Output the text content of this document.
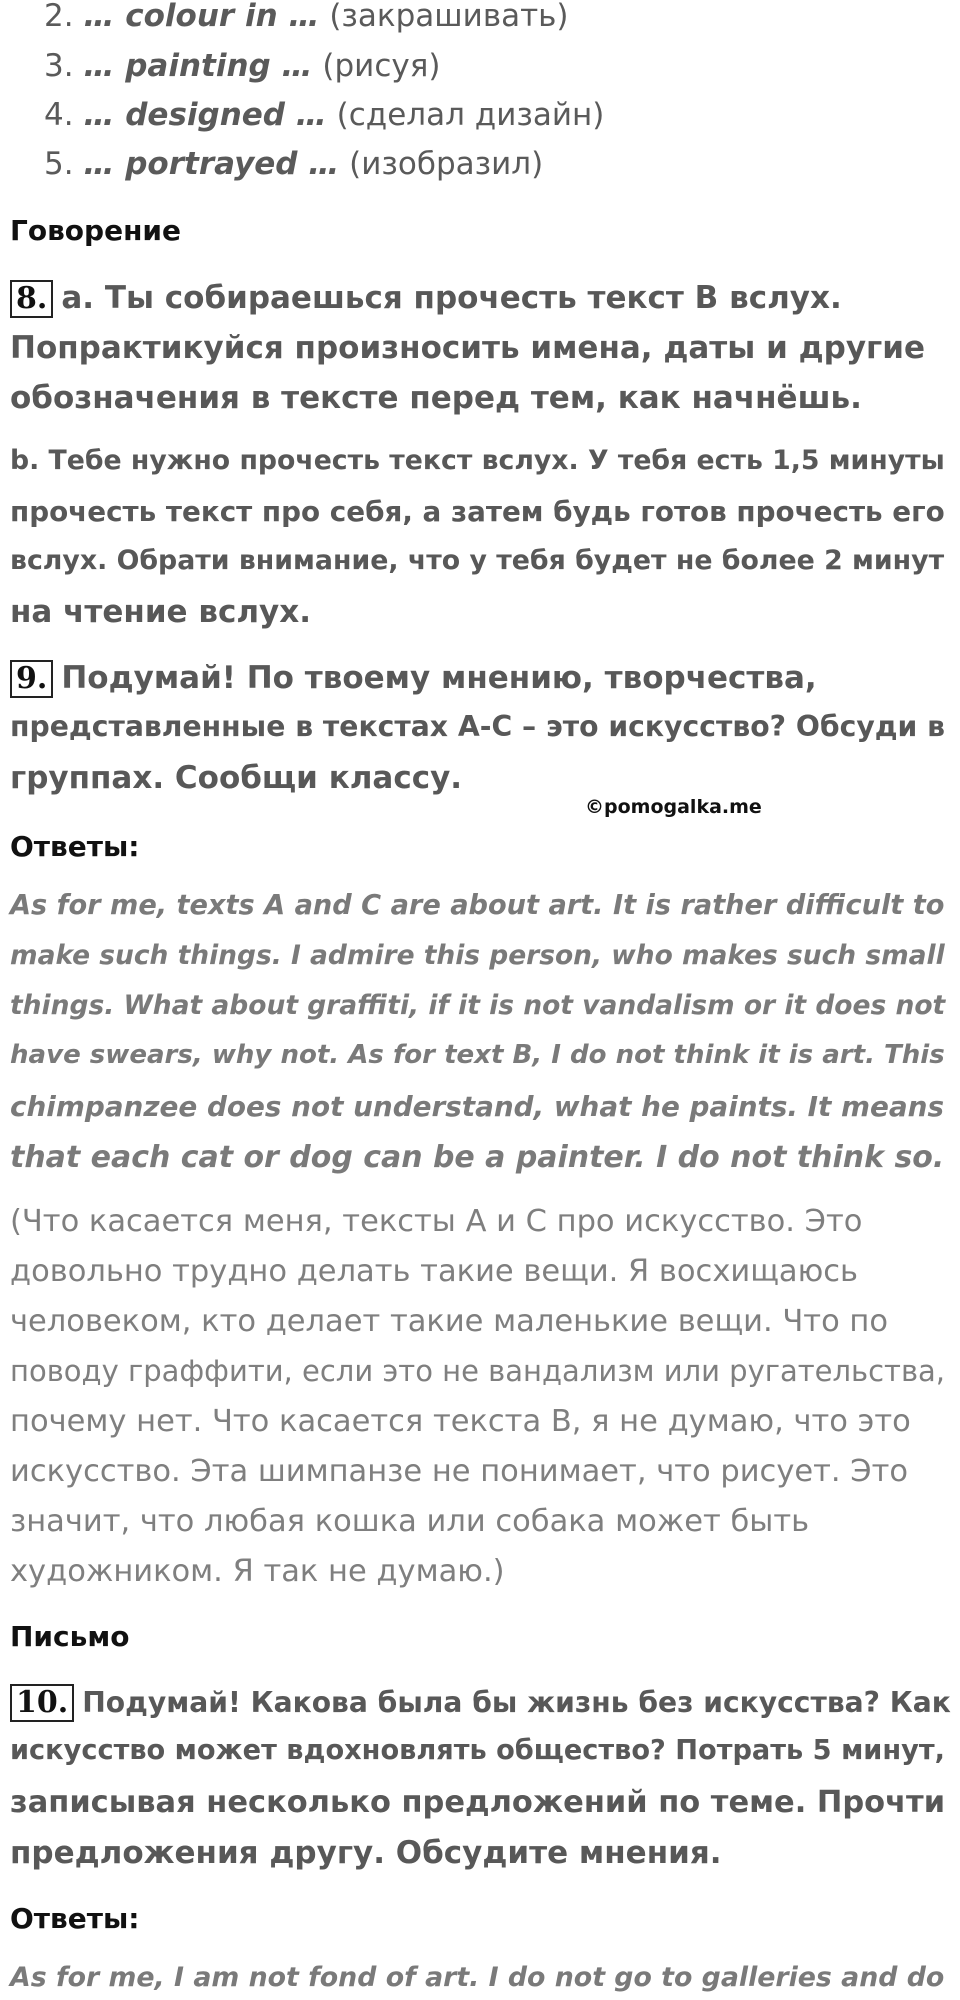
2. … colour in … (закрашивать)
3. … painting … (рисуя)
4. … designed … (сделал дизайн)
5. … portrayed … (изобразил)
Говорение
8. а. Ты собираешься прочесть текст B вслух.
Попрактикуйся произносить имена, даты и другие
обозначения в тексте перед тем, как начнёшь.
b. Тебе нужно прочесть текст вслух. У тебя есть 1,5 минуты
прочесть текст про себя, а затем будь готов прочесть его
вслух. Обрати внимание, что у тебя будет не более 2 минут
на чтение вслух.
9. Подумай! По твоему мнению, творчества,
представленные в текстах A-C – это искусство? Обсуди в
группах. Сообщи классу.
©pomogalka.me
Ответы:
As for me, texts A and C are about art. It is rather difficult to
make such things. I admire this person, who makes such small
things. What about graffiti, if it is not vandalism or it does not
have swears, why not. As for text B, I do not think it is art. This
chimpanzee does not understand, what he paints. It means
that each cat or dog can be a painter. I do not think so.
(Что касается меня, тексты A и C про искусство. Это
довольно трудно делать такие вещи. Я восхищаюсь
человеком, кто делает такие маленькие вещи. Что по
поводу граффити, если это не вандализм или ругательства,
почему нет. Что касается текста B, я не думаю, что это
искусство. Эта шимпанзе не понимает, что рисует. Это
значит, что любая кошка или собака может быть
художником. Я так не думаю.)
Письмо
10. Подумай! Какова была бы жизнь без искусства? Как
искусство может вдохновлять общество? Потрать 5 минут,
записывая несколько предложений по теме. Прочти
предложения другу. Обсудите мнения.
Ответы:
As for me, I am not fond of art. I do not go to galleries and do
